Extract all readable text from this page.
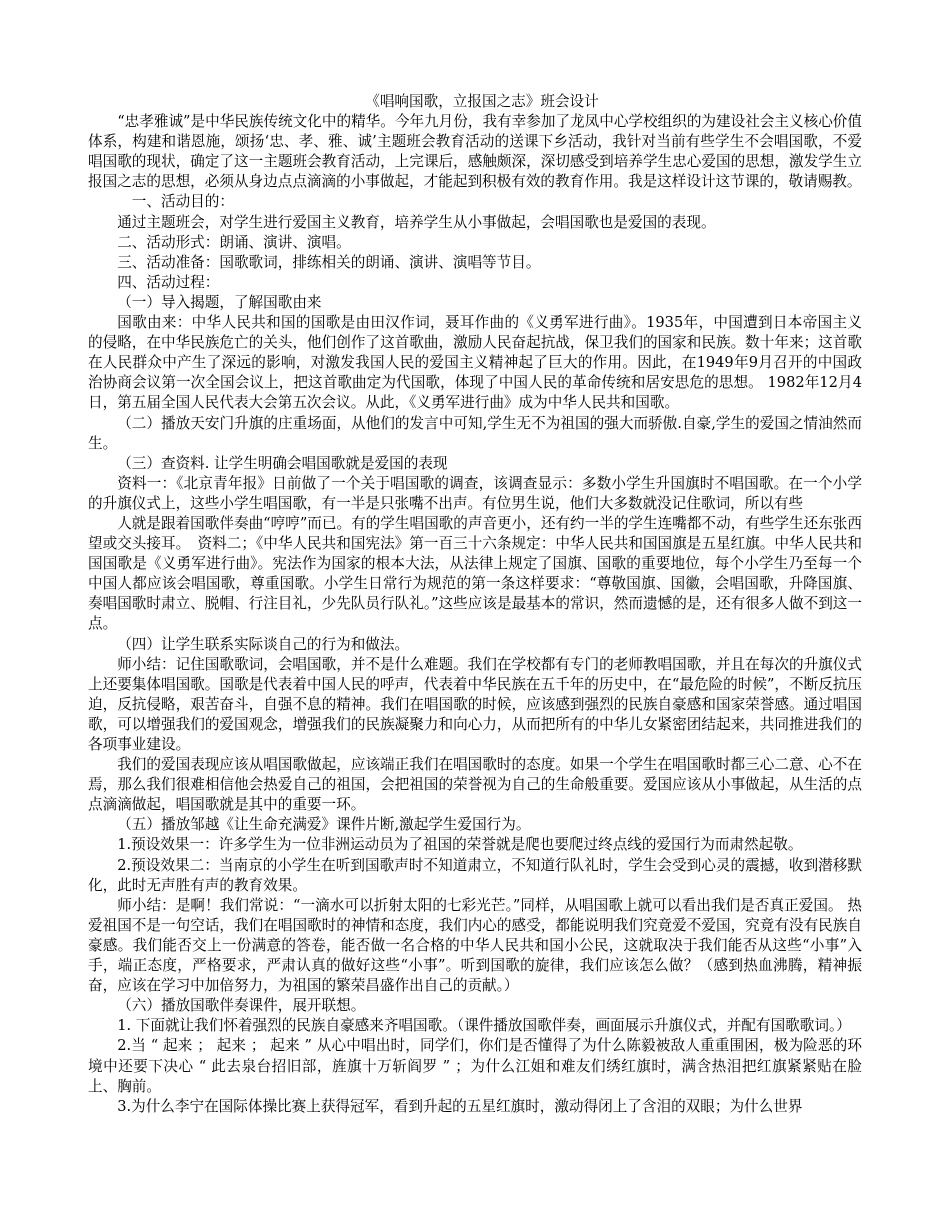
《唱响国歌，立报国之志》班会设计

“忠孝雅诚”是中华民族传统文化中的精华。今年九月份，我有幸参加了龙凤中心学校组织的为建设社会主义核心价值体系，构建和谐恩施，颂扬‘忠、孝、雅、诚’主题班会教育活动的送课下乡活动，我针对当前有些学生不会唱国歌，不爱唱国歌的现状，确定了这一主题班会教育活动，上完课后，感触颇深，深切感受到培养学生忠心爱国的思想，激发学生立报国之志的思想，必须从身边点点滴滴的小事做起，才能起到积极有效的教育作用。我是这样设计这节课的，敬请赐教。

一、活动目的：

通过主题班会，对学生进行爱国主义教育，培养学生从小事做起，会唱国歌也是爱国的表现。

二、活动形式：朗诵、演讲、演唱。

三、活动准备：国歌歌词，排练相关的朗诵、演讲、演唱等节目。

四、活动过程：

（一）导入揭题，了解国歌由来

国歌由来：中华人民共和国的国歌是由田汉作词，聂耳作曲的《义勇军进行曲》。1935年，中国遭到日本帝国主义的侵略，在中华民族危亡的关头，他们创作了这首歌曲，激励人民奋起抗战，保卫我们的国家和民族。数十年来；这首歌在人民群众中产生了深远的影响，对激发我国人民的爱国主义精神起了巨大的作用。因此，在1949年9月召开的中国政治协商会议第一次全国会议上，把这首歌曲定为代国歌，体现了中国人民的革命传统和居安思危的思想。 1982年12月4日，第五届全国人民代表大会第五次会议。从此，《义勇军进行曲》成为中华人民共和国歌。

（二）播放天安门升旗的庄重场面，从他们的发言中可知,学生无不为祖国的强大而骄傲.自豪,学生的爱国之情油然而生。

（三）查资料. 让学生明确会唱国歌就是爱国的表现

资料一：《北京青年报》日前做了一个关于唱国歌的调查，该调查显示：多数小学生升国旗时不唱国歌。在一个小学的升旗仪式上，这些小学生唱国歌，有一半是只张嘴不出声。有位男生说，他们大多数就没记住歌词，所以有些

人就是跟着国歌伴奏曲“哼哼”而已。有的学生唱国歌的声音更小，还有约一半的学生连嘴都不动，有些学生还东张西望或交头接耳。　资料二；《中华人民共和国宪法》第一百三十六条规定：中华人民共和国国旗是五星红旗。中华人民共和国国歌是《义勇军进行曲》。宪法作为国家的根本大法，从法律上规定了国旗、国歌的重要地位，每个小学生乃至每一个中国人都应该会唱国歌，尊重国歌。小学生日常行为规范的第一条这样要求：“尊敬国旗、国徽，会唱国歌，升降国旗、奏唱国歌时肃立、脱帽、行注目礼，少先队员行队礼。”这些应该是最基本的常识，然而遗憾的是，还有很多人做不到这一点。

（四）让学生联系实际谈自己的行为和做法。

师小结：记住国歌歌词，会唱国歌，并不是什么难题。我们在学校都有专门的老师教唱国歌，并且在每次的升旗仪式上还要集体唱国歌。国歌是代表着中国人民的呼声，代表着中华民族在五千年的历史中，在“最危险的时候”，不断反抗压迫，反抗侵略，艰苦奋斗，自强不息的精神。我们在唱国歌的时候，应该感到强烈的民族自豪感和国家荣誉感。通过唱国歌，可以增强我们的爱国观念，增强我们的民族凝聚力和向心力，从而把所有的中华儿女紧密团结起来，共同推进我们的各项事业建设。

我们的爱国表现应该从唱国歌做起，应该端正我们在唱国歌时的态度。如果一个学生在唱国歌时都三心二意、心不在焉，那么我们很难相信他会热爱自己的祖国，会把祖国的荣誉视为自己的生命般重要。爱国应该从小事做起，从生活的点点滴滴做起，唱国歌就是其中的重要一环。

（五）播放邹越《让生命充满爱》课件片断,激起学生爱国行为。

1.预设效果一：许多学生为一位非洲运动员为了祖国的荣誉就是爬也要爬过终点线的爱国行为而肃然起敬。

2.预设效果二：当南京的小学生在听到国歌声时不知道肃立，不知道行队礼时，学生会受到心灵的震撼，收到潜移默化，此时无声胜有声的教育效果。

师小结：是啊！我们常说：“一滴水可以折射太阳的七彩光芒。”同样，从唱国歌上就可以看出我们是否真正爱国。 热爱祖国不是一句空话，我们在唱国歌时的神情和态度，我们内心的感受，都能说明我们究竟爱不爱国，究竟有没有民族自豪感。我们能否交上一份满意的答卷，能否做一名合格的中华人民共和国小公民，这就取决于我们能否从这些“小事”入手，端正态度，严格要求，严肃认真的做好这些“小事”。听到国歌的旋律，我们应该怎么做？（感到热血沸腾，精神振奋，应该在学习中加倍努力，为祖国的繁荣昌盛作出自己的贡献。）

（六）播放国歌伴奏课件，展开联想。

1. 下面就让我们怀着强烈的民族自豪感来齐唱国歌。（课件播放国歌伴奏，画面展示升旗仪式，并配有国歌歌词。）

2.当 “ 起来 ； 起来 ； 起来 ” 从心中唱出时，同学们，你们是否懂得了为什么陈毅被敌人重重围困，极为险恶的环境中还要下决心 “ 此去泉台招旧部，旌旗十万斩阎罗 ” ；为什么江姐和难友们绣红旗时，满含热泪把红旗紧紧贴在脸上、胸前。

3.为什么李宁在国际体操比赛上获得冠军，看到升起的五星红旗时，激动得闭上了含泪的双眼；为什么世界
